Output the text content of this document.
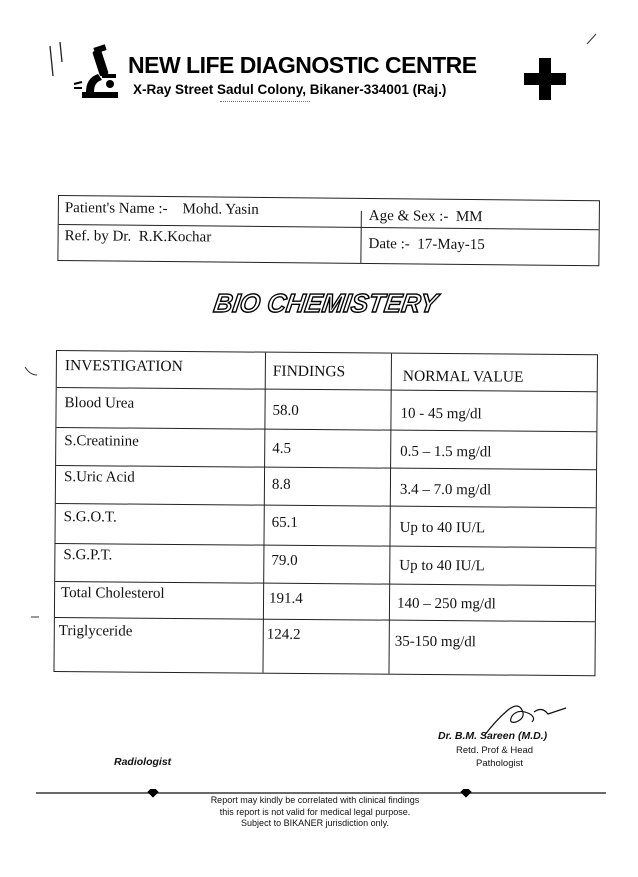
NEW LIFE DIAGNOSTIC CENTRE
X-Ray Street Sadul Colony, Bikaner-334001 (Raj.)
Patient's Name :- Mohd. Yasin	Age & Sex :- MM
Ref. by Dr. R.K.Kochar	Date :- 17-May-15
BIO CHEMISTERY
INVESTIGATION	FINDINGS	NORMAL VALUE
Blood Urea	58.0	10 - 45 mg/dl
S.Creatinine	4.5	0.5 – 1.5 mg/dl
S.Uric Acid	8.8	3.4 – 7.0 mg/dl
S.G.O.T.	65.1	Up to 40 IU/L
S.G.P.T.	79.0	Up to 40 IU/L
Total Cholesterol	191.4	140 – 250 mg/dl
Triglyceride	124.2	35-150 mg/dl
Dr. B.M. Sareen (M.D.)
Retd. Prof & Head
Pathologist
Radiologist
Report may kindly be correlated with clinical findings
this report is not valid for medical legal purpose.
Subject to BIKANER jurisdiction only.
